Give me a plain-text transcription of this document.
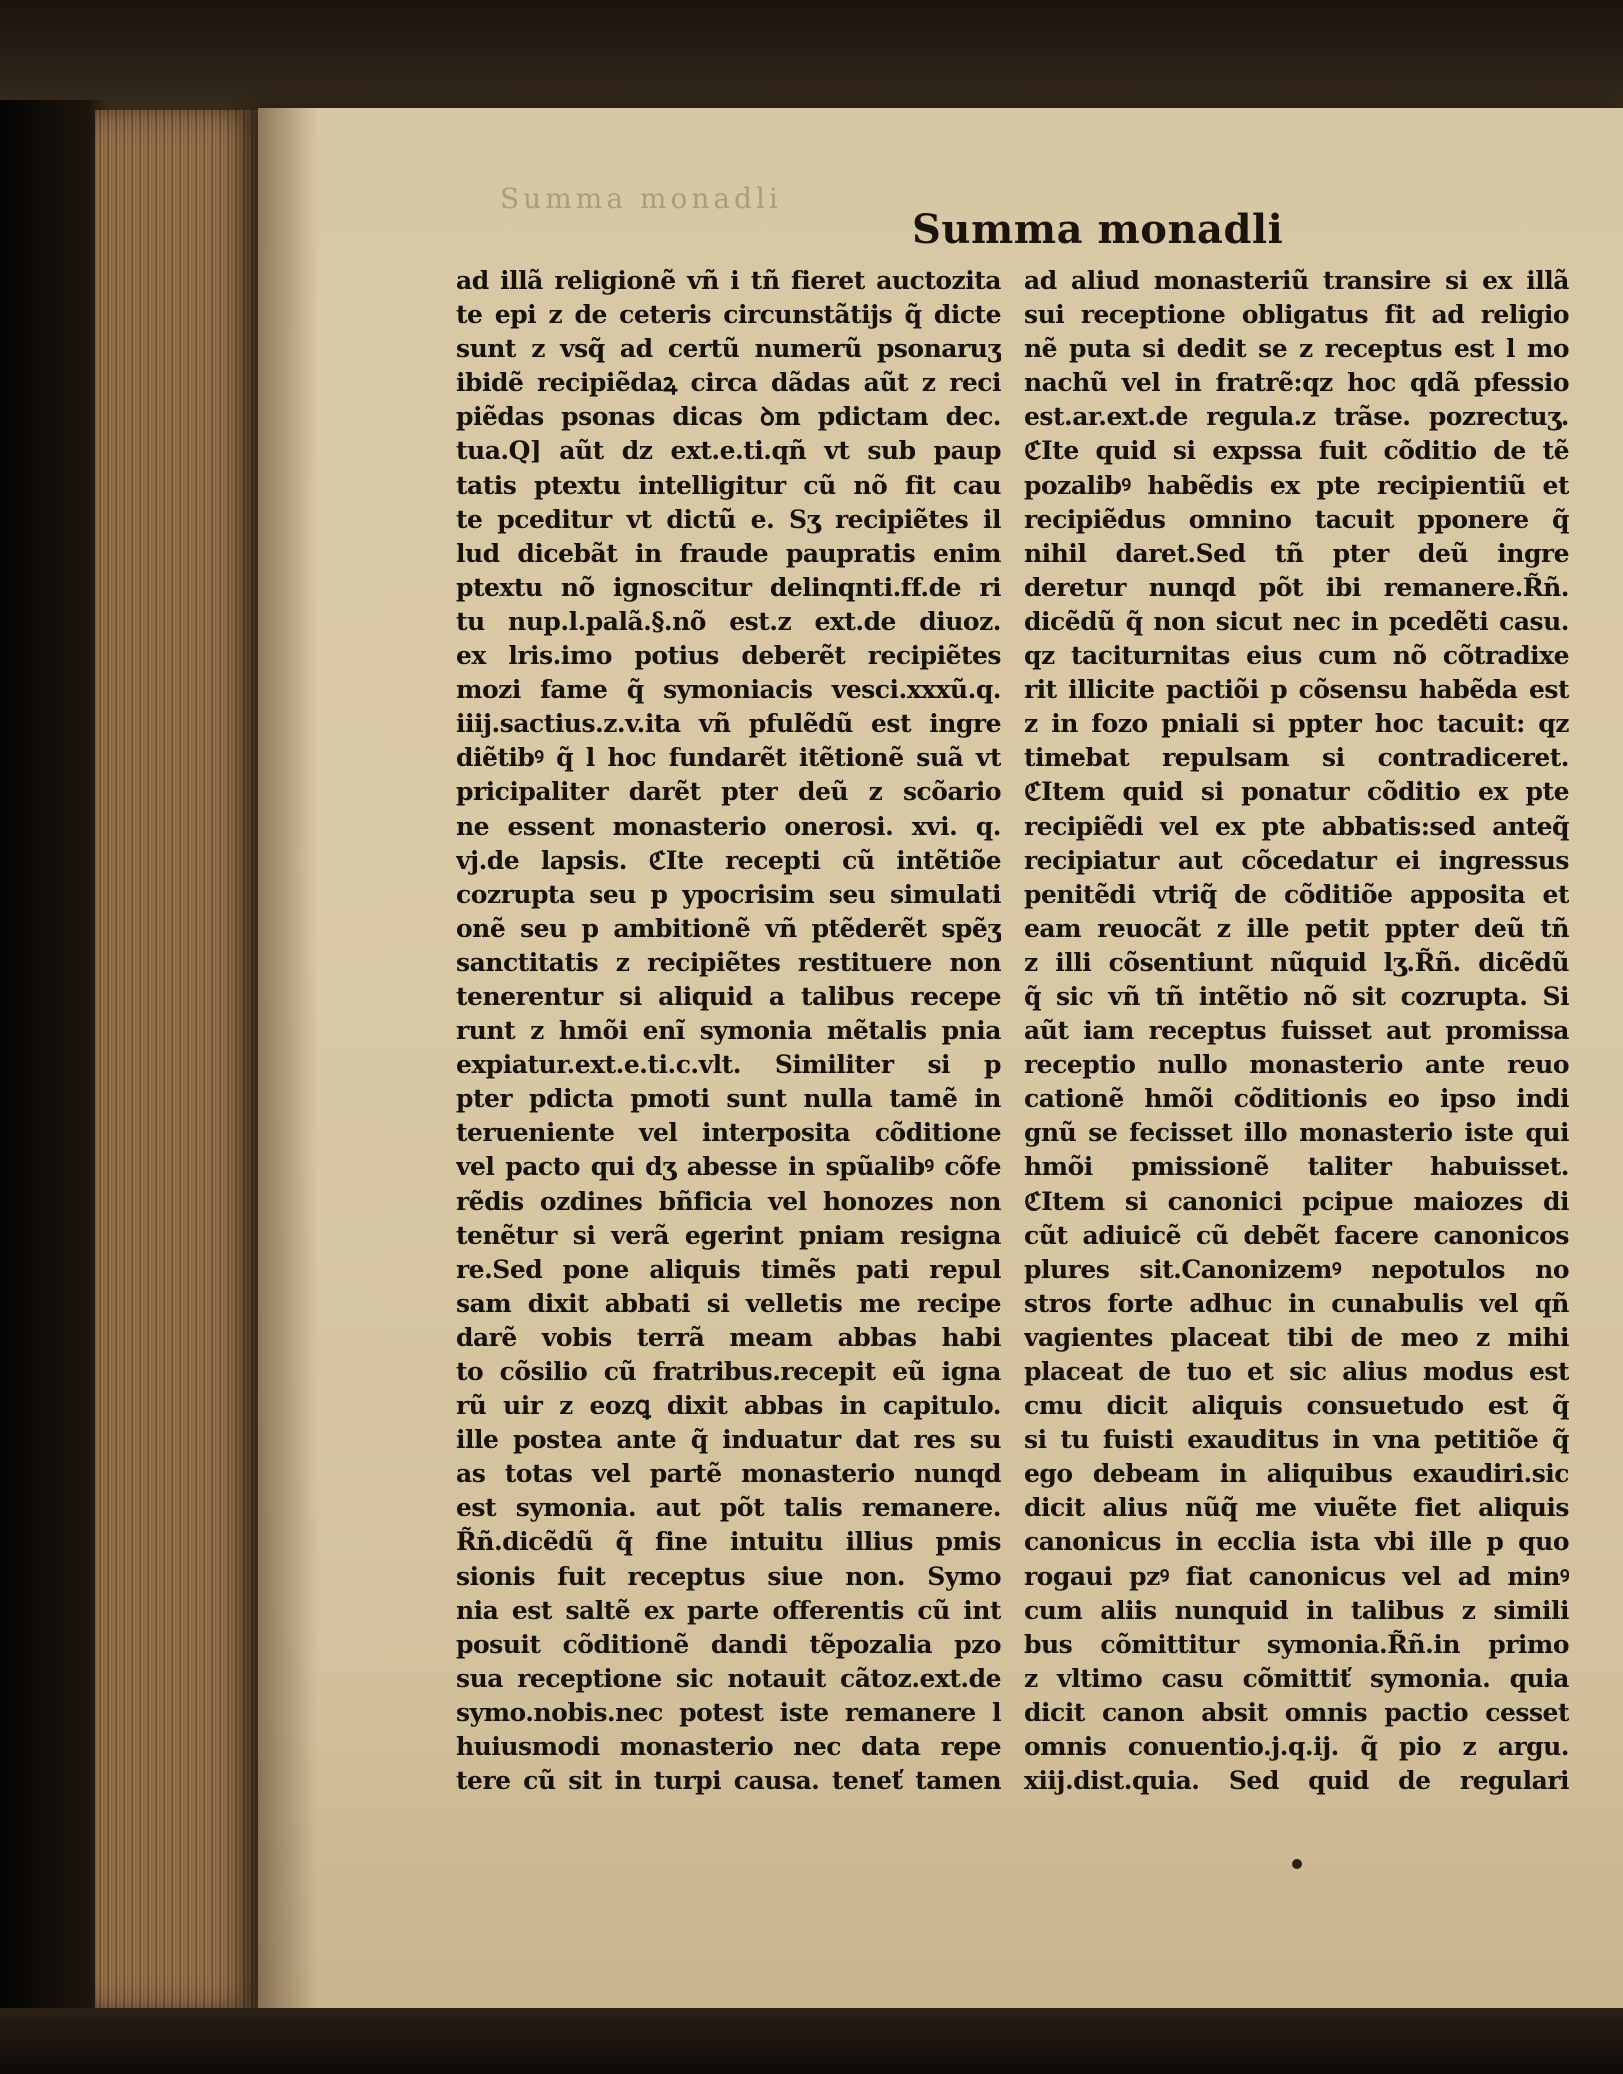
Summa monadli
Summa monadli
ad illã religionẽ vñ i tñ fieret auctozita
te epi z de ceteris circunstãtijs q̃ dicte
sunt z vsq̃ ad certũ numerũ psonaruʒ
ibidẽ recipiẽdaꝝ circa dãdas aũt z reci
piẽdas psonas dicas ꝺm pdictam dec.
tua.Q] aũt dz ext.e.ti.qñ vt sub paup
tatis ptextu intelligitur cũ nõ fit cau
te pceditur vt dictũ e. Sʒ recipiẽtes il
lud dicebãt in fraude paupratis enim
ptextu nõ ignoscitur delinqnti.ff.de ri
tu nup.l.palã.§.nõ est.z ext.de diuoz.
ex lris.imo potius deberẽt recipiẽtes
mozi fame q̃ symoniacis vesci.xxxũ.q.
iiij.sactius.z.v.ita vñ pfulẽdũ est ingre
diẽtibꝰ q̃ l hoc fundarẽt itẽtionẽ suã vt
pricipaliter darẽt pter deũ z scõario
ne essent monasterio onerosi. xvi. q.
vj.de lapsis. ℭIte recepti cũ intẽtiõe
cozrupta seu p ypocrisim seu simulati
onẽ seu p ambitionẽ vñ ptẽderẽt spẽʒ
sanctitatis z recipiẽtes restituere non
tenerentur si aliquid a talibus recepe
runt z hmõi enĩ symonia mẽtalis pnia
expiatur.ext.e.ti.c.vlt. Similiter si p
pter pdicta pmoti sunt nulla tamẽ in
terueniente vel interposita cõditione
vel pacto qui dʒ abesse in spũalibꝰ cõfe
rẽdis ozdines bñficia vel honozes non
tenẽtur si verã egerint pniam resigna
re.Sed pone aliquis timẽs pati repul
sam dixit abbati si velletis me recipe
darẽ vobis terrã meam abbas habi
to cõsilio cũ fratribus.recepit eũ igna
rũ uir z eozꝗ dixit abbas in capitulo.
ille postea ante q̃ induatur dat res su
as totas vel partẽ monasterio nunqd
est symonia. aut põt talis remanere.
R̃ñ.dicẽdũ q̃ fine intuitu illius pmis
sionis fuit receptus siue non. Symo
nia est saltẽ ex parte offerentis cũ int
posuit cõditionẽ dandi tẽpozalia pzo
sua receptione sic notauit cãtoz.ext.de
symo.nobis.nec potest iste remanere l
huiusmodi monasterio nec data repe
tere cũ sit in turpi causa. teneť tamen
ad aliud monasteriũ transire si ex illã
sui receptione obligatus fit ad religio
nẽ puta si dedit se z receptus est l mo
nachũ vel in fratrẽ:qz hoc qdã pfessio
est.ar.ext.de regula.z trãse. pozrectuʒ.
ℭIte quid si expssa fuit cõditio de tẽ
pozalibꝰ habẽdis ex pte recipientiũ et
recipiẽdus omnino tacuit pponere q̃
nihil daret.Sed tñ pter deũ ingre
deretur nunqd põt ibi remanere.R̃ñ.
dicẽdũ q̃ non sicut nec in pcedẽti casu.
qz taciturnitas eius cum nõ cõtradixe
rit illicite pactiõi p cõsensu habẽda est
z in fozo pniali si ppter hoc tacuit: qz
timebat repulsam si contradiceret.
ℭItem quid si ponatur cõditio ex pte
recipiẽdi vel ex pte abbatis:sed anteq̃
recipiatur aut cõcedatur ei ingressus
penitẽdi vtriq̃ de cõditiõe apposita et
eam reuocãt z ille petit ppter deũ tñ
z illi cõsentiunt nũquid lʒ.R̃ñ. dicẽdũ
q̃ sic vñ tñ intẽtio nõ sit cozrupta. Si
aũt iam receptus fuisset aut promissa
receptio nullo monasterio ante reuo
cationẽ hmõi cõditionis eo ipso indi
gnũ se fecisset illo monasterio iste qui
hmõi pmissionẽ taliter habuisset.
ℭItem si canonici pcipue maiozes di
cũt adiuicẽ cũ debẽt facere canonicos
plures sit.Canonizemꝰ nepotulos no
stros forte adhuc in cunabulis vel qñ
vagientes placeat tibi de meo z mihi
placeat de tuo et sic alius modus est
cmu dicit aliquis consuetudo est q̃
si tu fuisti exauditus in vna petitiõe q̃
ego debeam in aliquibus exaudiri.sic
dicit alius nũq̃ me viuẽte fiet aliquis
canonicus in ecclia ista vbi ille p quo
rogaui pzꝰ fiat canonicus vel ad minꝰ
cum aliis nunquid in talibus z simili
bus cõmittitur symonia.R̃ñ.in primo
z vltimo casu cõmittiť symonia. quia
dicit canon absit omnis pactio cesset
omnis conuentio.j.q.ij. q̃ pio z argu.
xiij.dist.quia. Sed quid de regulari
